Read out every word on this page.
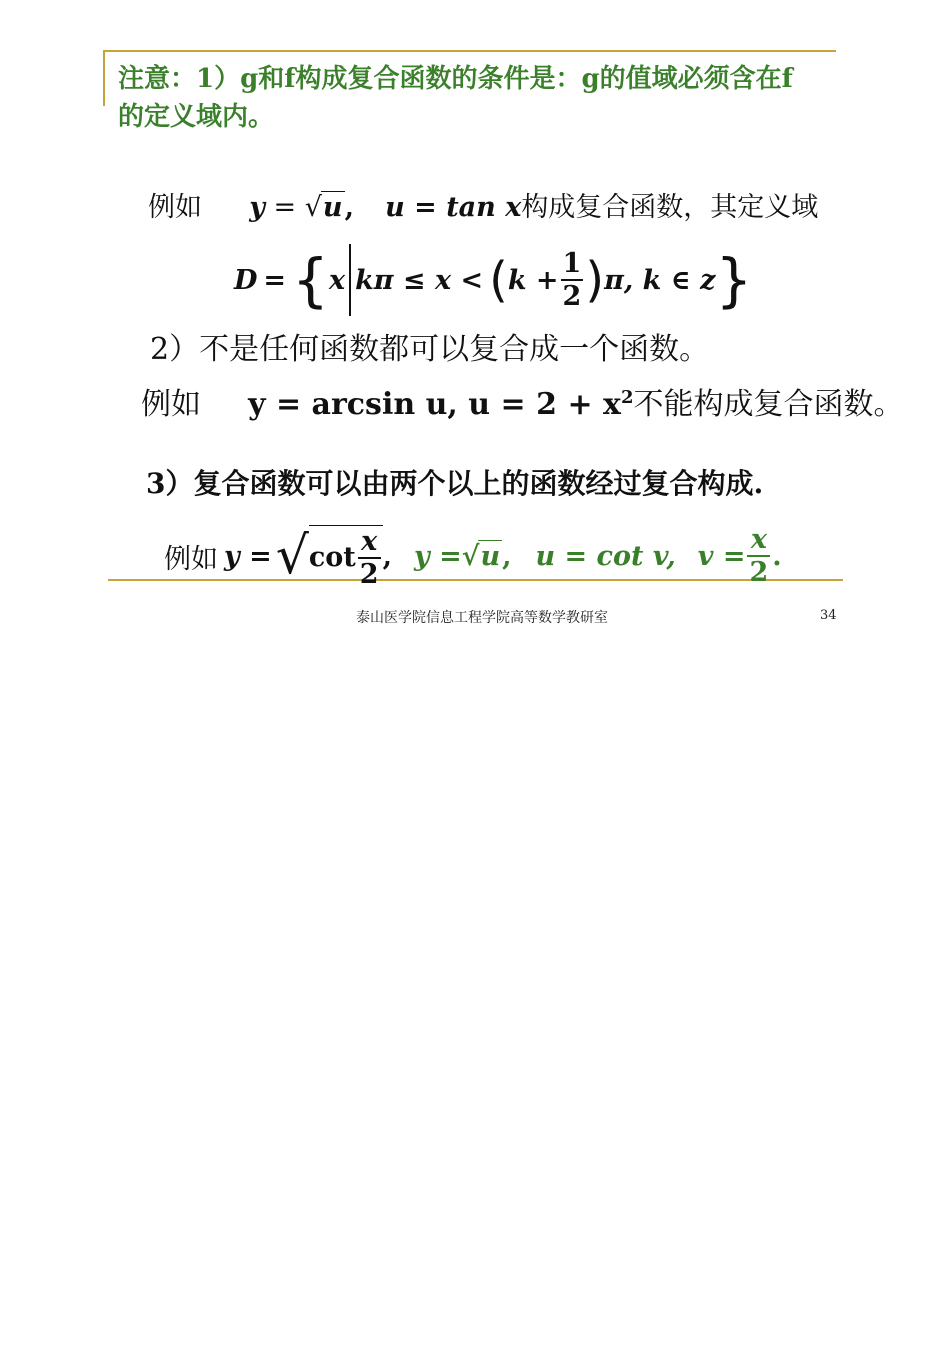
注意：1）g和f构成复合函数的条件是：g的值域必须含在f
的定义域内。
例如 y = √u, u = tan x构成复合函数，其定义域
D = { x kπ ≤ x < ( $k + \frac{1}{2}$ ) π, k ∈ z }
2）不是任何函数都可以复合成一个函数。
例如 y = arcsin u, $u = 2 + x^2$不能构成复合函数。
3）复合函数可以由两个以上的函数经过复合构成.
例如 y = √ $\cot \frac{x}{2}$ , y = √u , u = cot v, $v = \frac{x}{2}$ .
泰山医学院信息工程学院高等数学教研室	34
